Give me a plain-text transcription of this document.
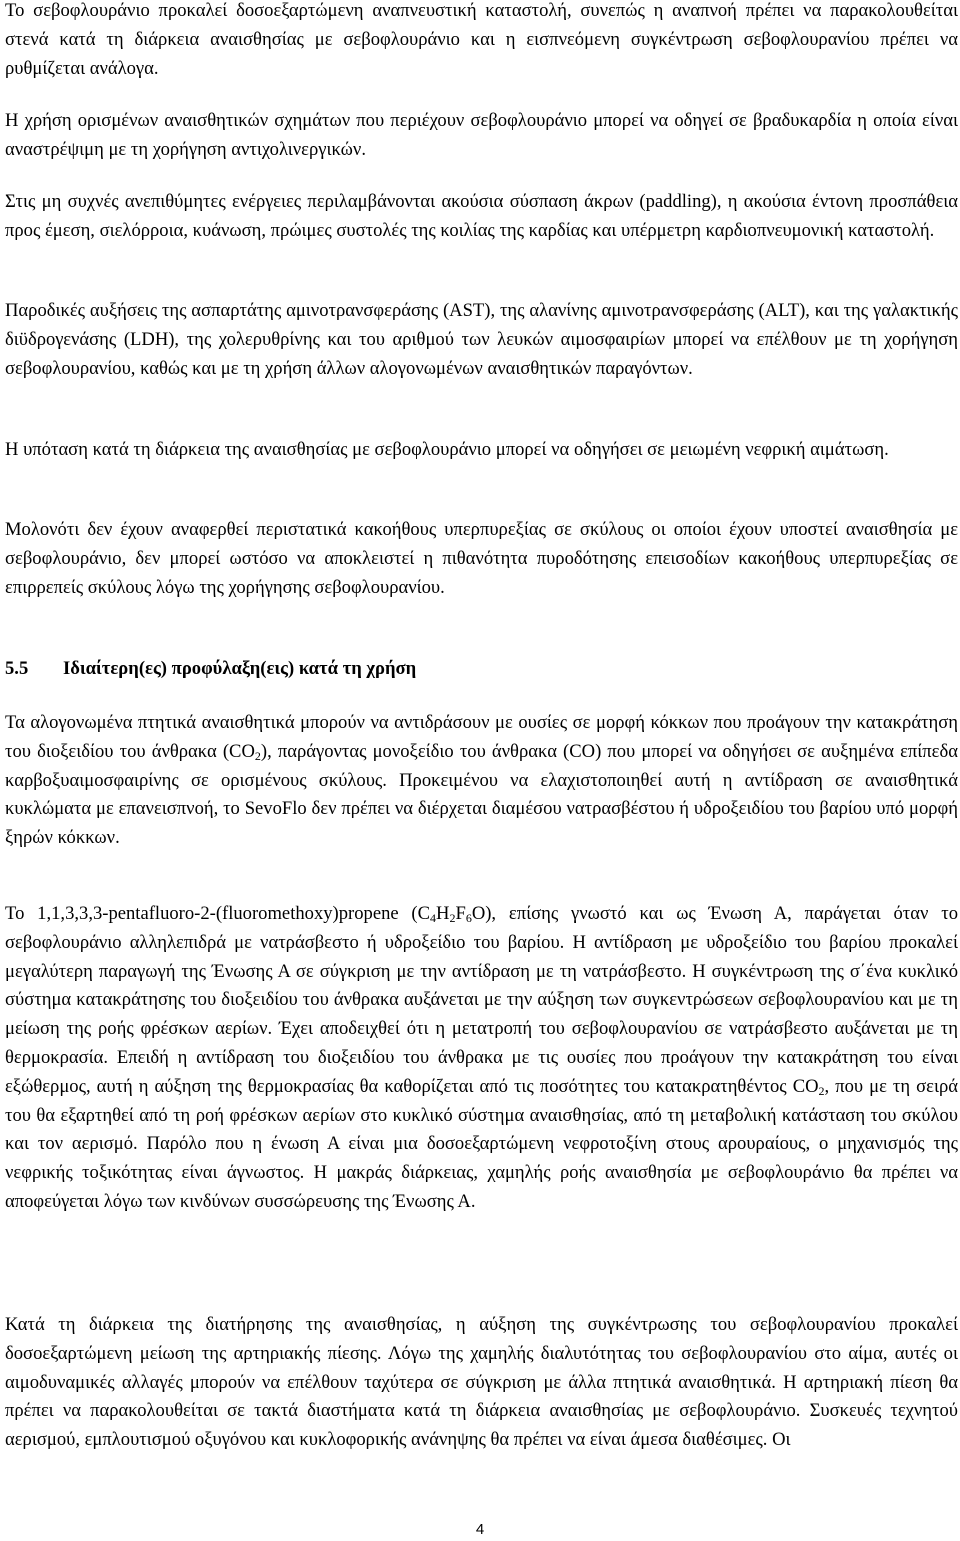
Το σεβοφλουράνιο προκαλεί δοσοεξαρτώμενη αναπνευστική καταστολή, συνεπώς η αναπνοή πρέπει να παρακολουθείται στενά κατά τη διάρκεια αναισθησίας με σεβοφλουράνιο και η εισπνεόμενη συγκέντρωση σεβοφλουρανίου πρέπει να ρυθμίζεται ανάλογα.

Η χρήση ορισμένων αναισθητικών σχημάτων που περιέχουν σεβοφλουράνιο μπορεί να οδηγεί σε βραδυκαρδία η οποία είναι αναστρέψιμη με τη χορήγηση αντιχολινεργικών.

Στις μη συχνές ανεπιθύμητες ενέργειες περιλαμβάνονται ακούσια σύσπαση άκρων (paddling), η ακούσια έντονη προσπάθεια προς έμεση, σιελόρροια, κυάνωση, πρώιμες συστολές της κοιλίας της καρδίας και υπέρμετρη καρδιοπνευμονική καταστολή.

Παροδικές αυξήσεις της ασπαρτάτης αμινοτρανσφεράσης (AST), της αλανίνης αμινοτρανσφεράσης (ALT), και της γαλακτικής διϋδρογενάσης (LDH), της χολερυθρίνης και του αριθμού των λευκών αιμοσφαιρίων μπορεί να επέλθουν με τη χορήγηση σεβοφλουρανίου, καθώς και με τη χρήση άλλων αλογονωμένων αναισθητικών παραγόντων.

Η υπόταση κατά τη διάρκεια της αναισθησίας με σεβοφλουράνιο μπορεί να οδηγήσει σε μειωμένη νεφρική αιμάτωση.

Μολονότι δεν έχουν αναφερθεί περιστατικά κακοήθους υπερπυρεξίας σε σκύλους οι οποίοι έχουν υποστεί αναισθησία με σεβοφλουράνιο, δεν μπορεί ωστόσο να αποκλειστεί η πιθανότητα πυροδότησης επεισοδίων κακοήθους υπερπυρεξίας σε επιρρεπείς σκύλους λόγω της χορήγησης σεβοφλουρανίου.

5.5 Ιδιαίτερη(ες) προφύλαξη(εις) κατά τη χρήση

Τα αλογονωμένα πτητικά αναισθητικά μπορούν να αντιδράσουν με ουσίες σε μορφή κόκκων που προάγουν την κατακράτηση του διοξειδίου του άνθρακα $(CO_2)$, παράγοντας μονοξείδιο του άνθρακα (CO) που μπορεί να οδηγήσει σε αυξημένα επίπεδα καρβοξυαιμοσφαιρίνης σε ορισμένους σκύλους. Προκειμένου να ελαχιστοποιηθεί αυτή η αντίδραση σε αναισθητικά κυκλώματα με επανεισπνοή, το SevoFlo δεν πρέπει να διέρχεται διαμέσου νατρασβέστου ή υδροξειδίου του βαρίου υπό μορφή ξηρών κόκκων.

Το 1,1,3,3,3-pentafluoro-2-(fluoromethoxy)propene $(C_4H_2F_6O)$, επίσης γνωστό και ως Ένωση Α, παράγεται όταν το σεβοφλουράνιο αλληλεπιδρά με νατράσβεστο ή υδροξείδιο του βαρίου. Η αντίδραση με υδροξείδιο του βαρίου προκαλεί μεγαλύτερη παραγωγή της Ένωσης Α σε σύγκριση με την αντίδραση με τη νατράσβεστο. Η συγκέντρωση της σ΄ένα κυκλικό σύστημα κατακράτησης του διοξειδίου του άνθρακα αυξάνεται με την αύξηση των συγκεντρώσεων σεβοφλουρανίου και με τη μείωση της ροής φρέσκων αερίων. Έχει αποδειχθεί ότι η μετατροπή του σεβοφλουρανίου σε νατράσβεστο αυξάνεται με τη θερμοκρασία. Επειδή η αντίδραση του διοξειδίου του άνθρακα με τις ουσίες που προάγουν την κατακράτηση του είναι εξώθερμος, αυτή η αύξηση της θερμοκρασίας θα καθορίζεται από τις ποσότητες του κατακρατηθέντος $CO_2$, που με τη σειρά του θα εξαρτηθεί από τη ροή φρέσκων αερίων στο κυκλικό σύστημα αναισθησίας, από τη μεταβολική κατάσταση του σκύλου και τον αερισμό. Παρόλο που η ένωση Α είναι μια δοσοεξαρτώμενη νεφροτοξίνη στους αρουραίους, ο μηχανισμός της νεφρικής τοξικότητας είναι άγνωστος. Η μακράς διάρκειας, χαμηλής ροής αναισθησία με σεβοφλουράνιο θα πρέπει να αποφεύγεται λόγω των κινδύνων συσσώρευσης της Ένωσης Α.

Κατά τη διάρκεια της διατήρησης της αναισθησίας, η αύξηση της συγκέντρωσης του σεβοφλουρανίου προκαλεί δοσοεξαρτώμενη μείωση της αρτηριακής πίεσης. Λόγω της χαμηλής διαλυτότητας του σεβοφλουρανίου στο αίμα, αυτές οι αιμοδυναμικές αλλαγές μπορούν να επέλθουν ταχύτερα σε σύγκριση με άλλα πτητικά αναισθητικά. Η αρτηριακή πίεση θα πρέπει να παρακολουθείται σε τακτά διαστήματα κατά τη διάρκεια αναισθησίας με σεβοφλουράνιο. Συσκευές τεχνητού αερισμού, εμπλουτισμού οξυγόνου και κυκλοφορικής ανάνηψης θα πρέπει να είναι άμεσα διαθέσιμες. Οι

4
